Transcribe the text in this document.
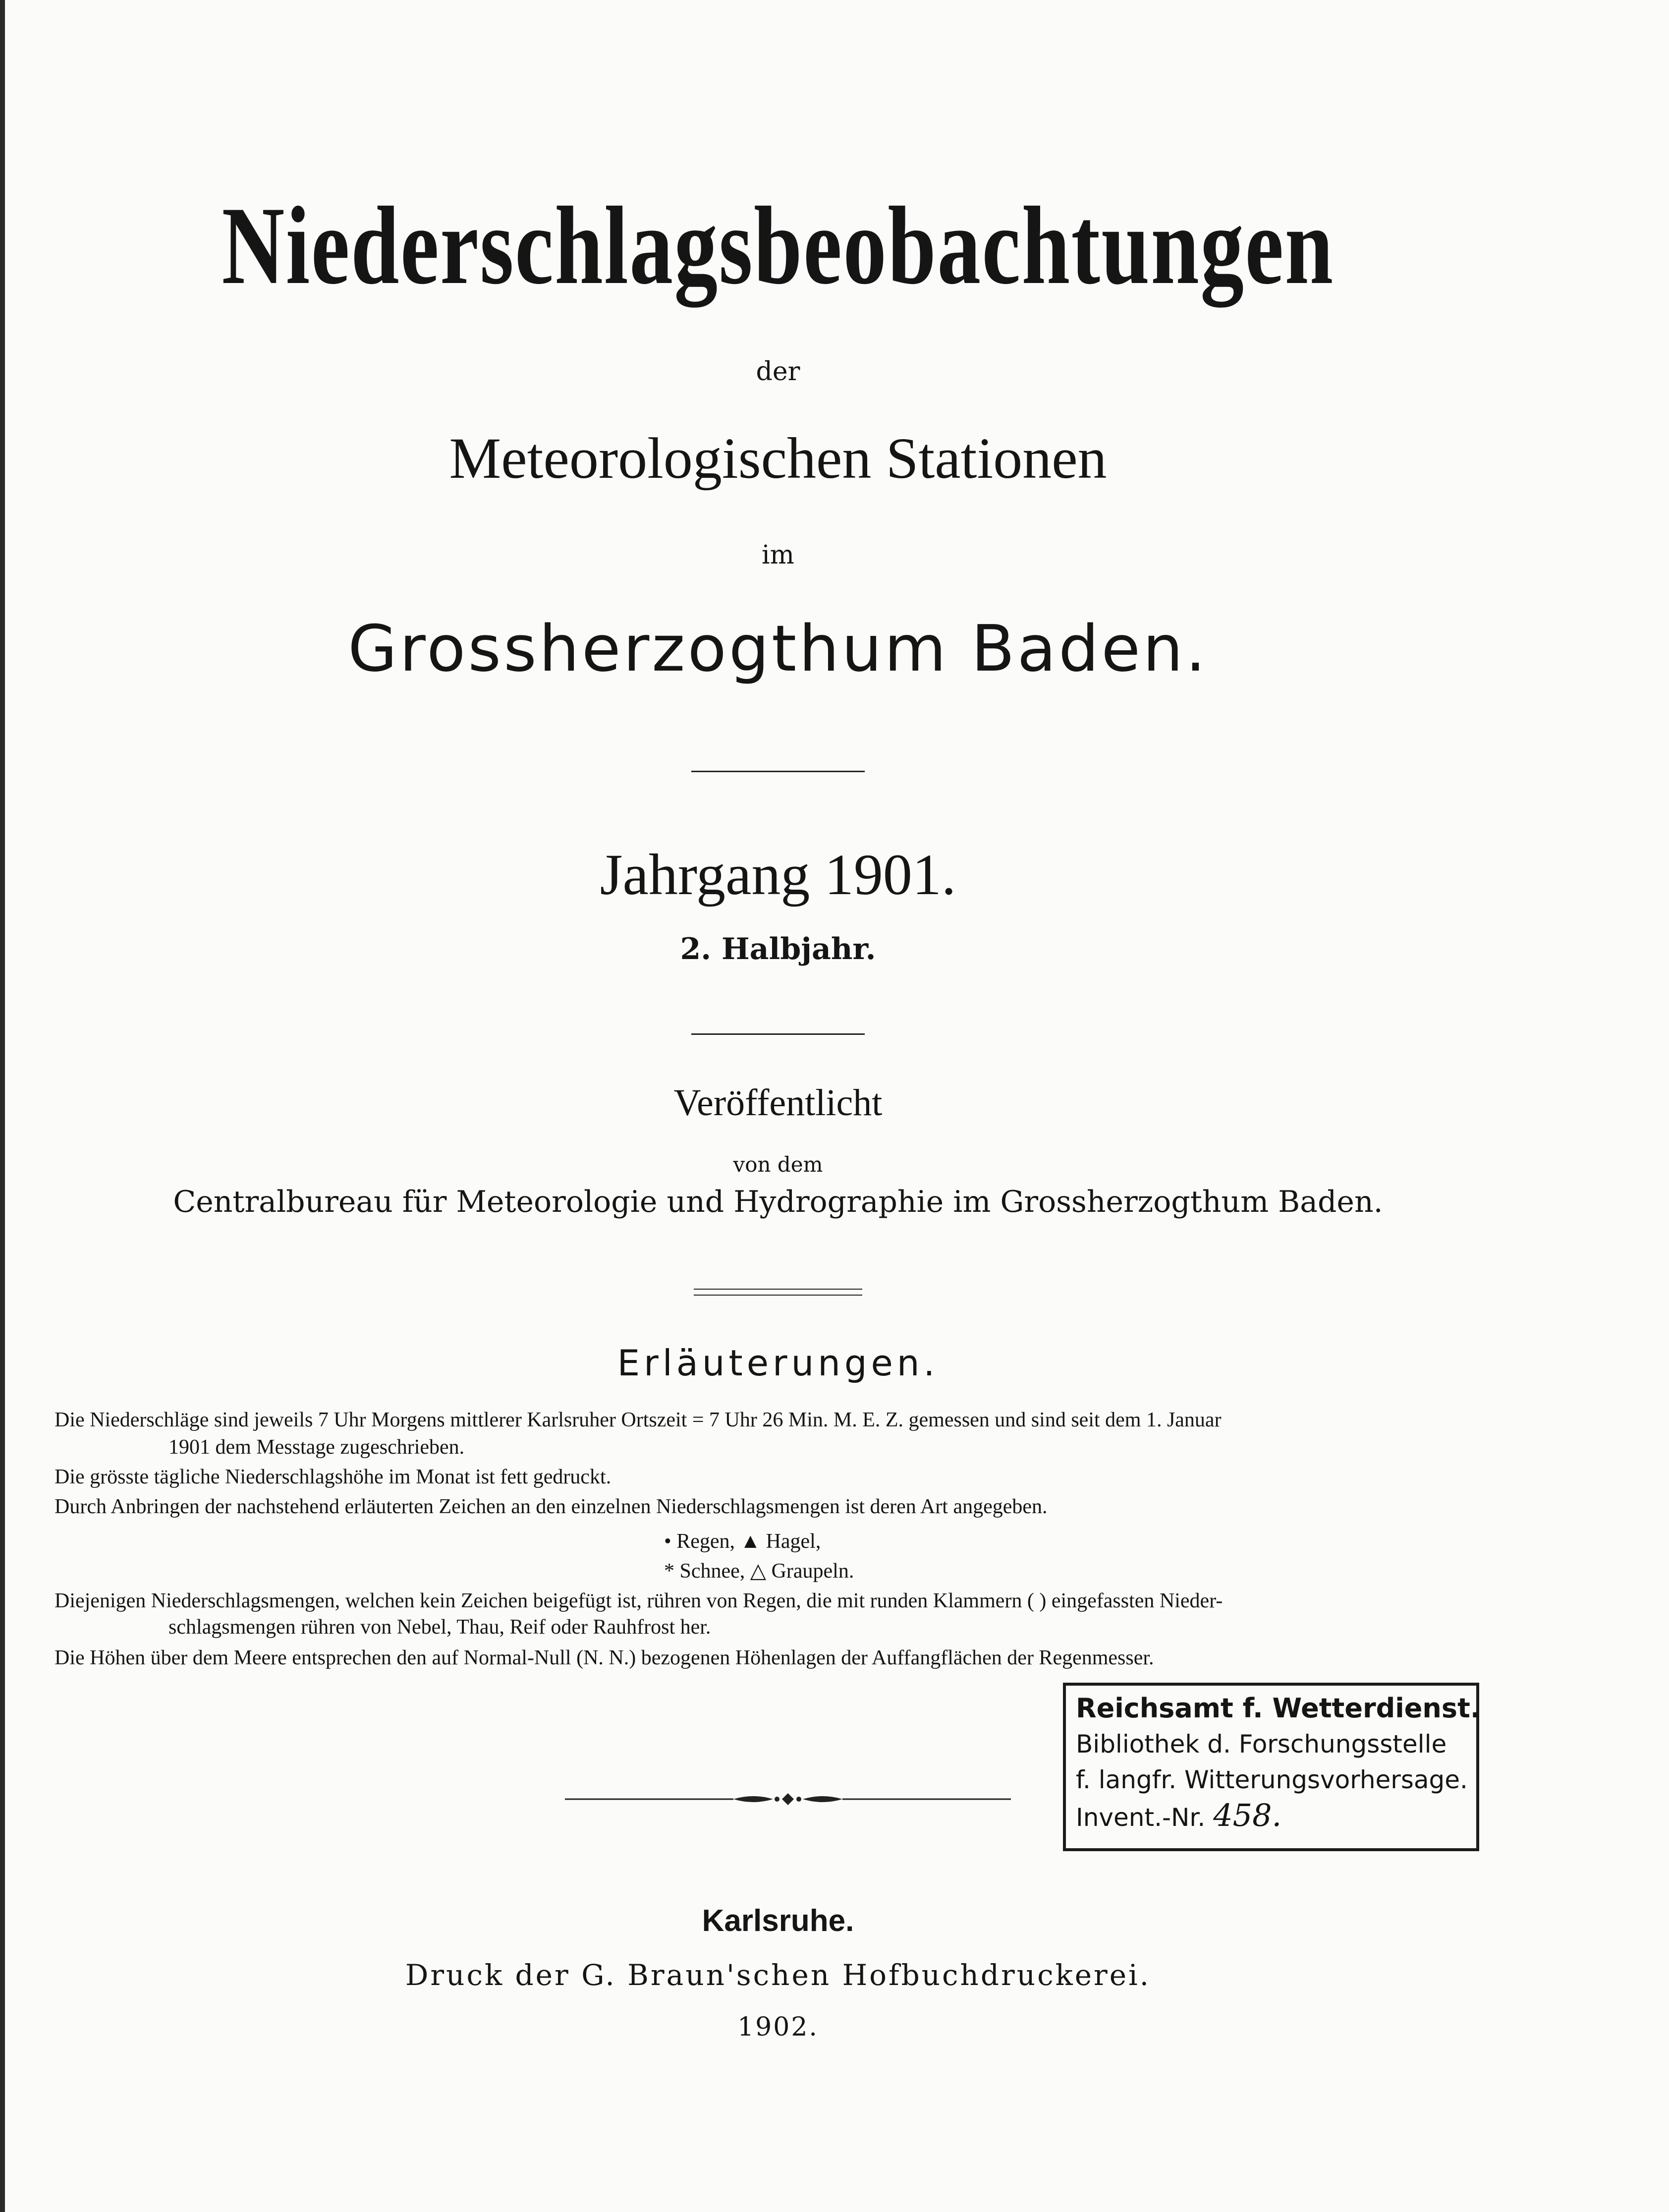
Niederschlagsbeobachtungen
der
Meteorologischen Stationen
im
Grossherzogthum Baden.
Jahrgang 1901.
2. Halbjahr.
Veröffentlicht
von dem
Centralbureau für Meteorologie und Hydrographie im Grossherzogthum Baden.
Erläuterungen.
Die Niederschläge sind jeweils 7 Uhr Morgens mittlerer Karlsruher Ortszeit = 7 Uhr 26 Min. M. E. Z. gemessen und sind seit dem 1. Januar
1901 dem Messtage zugeschrieben.
Die grösste tägliche Niederschlagshöhe im Monat ist fett gedruckt.
Durch Anbringen der nachstehend erläuterten Zeichen an den einzelnen Niederschlagsmengen ist deren Art angegeben.
• Regen, ▲ Hagel,
* Schnee, △ Graupeln.
Diejenigen Niederschlagsmengen, welchen kein Zeichen beigefügt ist, rühren von Regen, die mit runden Klammern ( ) eingefassten Nieder-
schlagsmengen rühren von Nebel, Thau, Reif oder Rauhfrost her.
Die Höhen über dem Meere entsprechen den auf Normal-Null (N. N.) bezogenen Höhenlagen der Auffangflächen der Regenmesser.
Reichsamt f. Wetterdienst.
Bibliothek d. Forschungsstelle
f. langfr. Witterungsvorhersage.
Invent.-Nr. 458.
Karlsruhe.
Druck der G. Braun'schen Hofbuchdruckerei.
1902.
